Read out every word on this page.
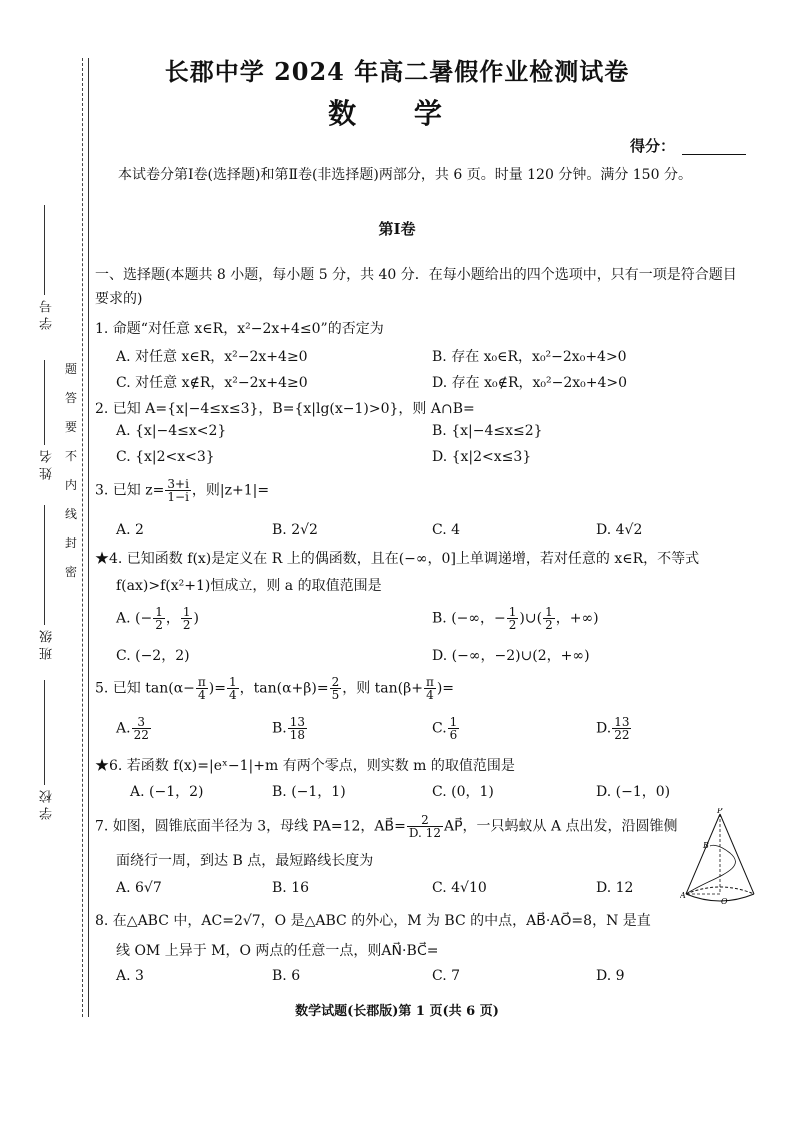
学 号
姓 名
班 级
学 校
题
答
要
不
内
线
封
密
长郡中学 2024 年高二暑假作业检测试卷
数 学
得分：
本试卷分第Ⅰ卷(选择题)和第Ⅱ卷(非选择题)两部分，共 6 页。时量 120 分钟。满分 150 分。
第Ⅰ卷
一、选择题(本题共 8 小题，每小题 5 分，共 40 分．在每小题给出的四个选项中，只有一项是符合题目要求的)
1. 命题“对任意 x∈R，x²−2x+4≤0”的否定为
A. 对任意 x∈R，x²−2x+4≥0	B. 存在 x₀∈R，x₀²−2x₀+4>0
C. 对任意 x∉R，x²−2x+4≥0	D. 存在 x₀∉R，x₀²−2x₀+4>0
2. 已知 A={x|−4≤x≤3}，B={x|lg(x−1)>0}，则 A∩B=
A. {x|−4≤x<2}	B. {x|−4≤x≤2}
C. {x|2<x<3}	D. {x|2<x≤3}
3. 已知 $z= \frac{3+i}{1-i}$ ，则|z+1|=
A. 2	B. 2√2	C. 4	D. 4√2
★4. 已知函数 f(x)是定义在 R 上的偶函数，且在(−∞，0]上单调递增，若对任意的 x∈R，不等式
f(ax)>f(x²+1)恒成立，则 a 的取值范围是
A. (− $\frac{1}{2}$ ， $\frac{1}{2}$ )	B. (−∞，− $\frac{1}{2}$ )∪( $\frac{1}{2}$ ，+∞)
C. (−2，2)	D. (−∞，−2)∪(2，+∞)
5. 已知 $\tan(\alpha- \frac{\pi}{4}$ )= $\frac{1}{4}$ ，$\tan(\alpha+\beta)= \frac{2}{5}$ ，则 $\tan(\beta+ \frac{\pi}{4}$ )=
A. $\frac{3}{22}$	B. $\frac{13}{18}$	C. $\frac{1}{6}$	D. $\frac{13}{22}$
★6. 若函数 f(x)=|eˣ−1|+m 有两个零点，则实数 m 的取值范围是
A. (−1，2)	B. (−1，1)	C. (0，1)	D. (−1，0)
7. 如图，圆锥底面半径为 3，母线 PA=12，AB⃗= $\frac{2}{D. 12}$ AP⃗，一只蚂蚁从 A 点出发，沿圆锥侧
面绕行一周，到达 B 点，最短路线长度为
A. 6√7	B. 16	C. 4√10	D. 12
P
B
A
O
8. 在△ABC 中，AC=2√7，O 是△ABC 的外心，M 为 BC 的中点，AB⃗·AO⃗=8，N 是直
线 OM 上异于 M，O 两点的任意一点，则AN⃗·BC⃗=
A. 3	B. 6	C. 7	D. 9
数学试题(长郡版)第 1 页(共 6 页)
